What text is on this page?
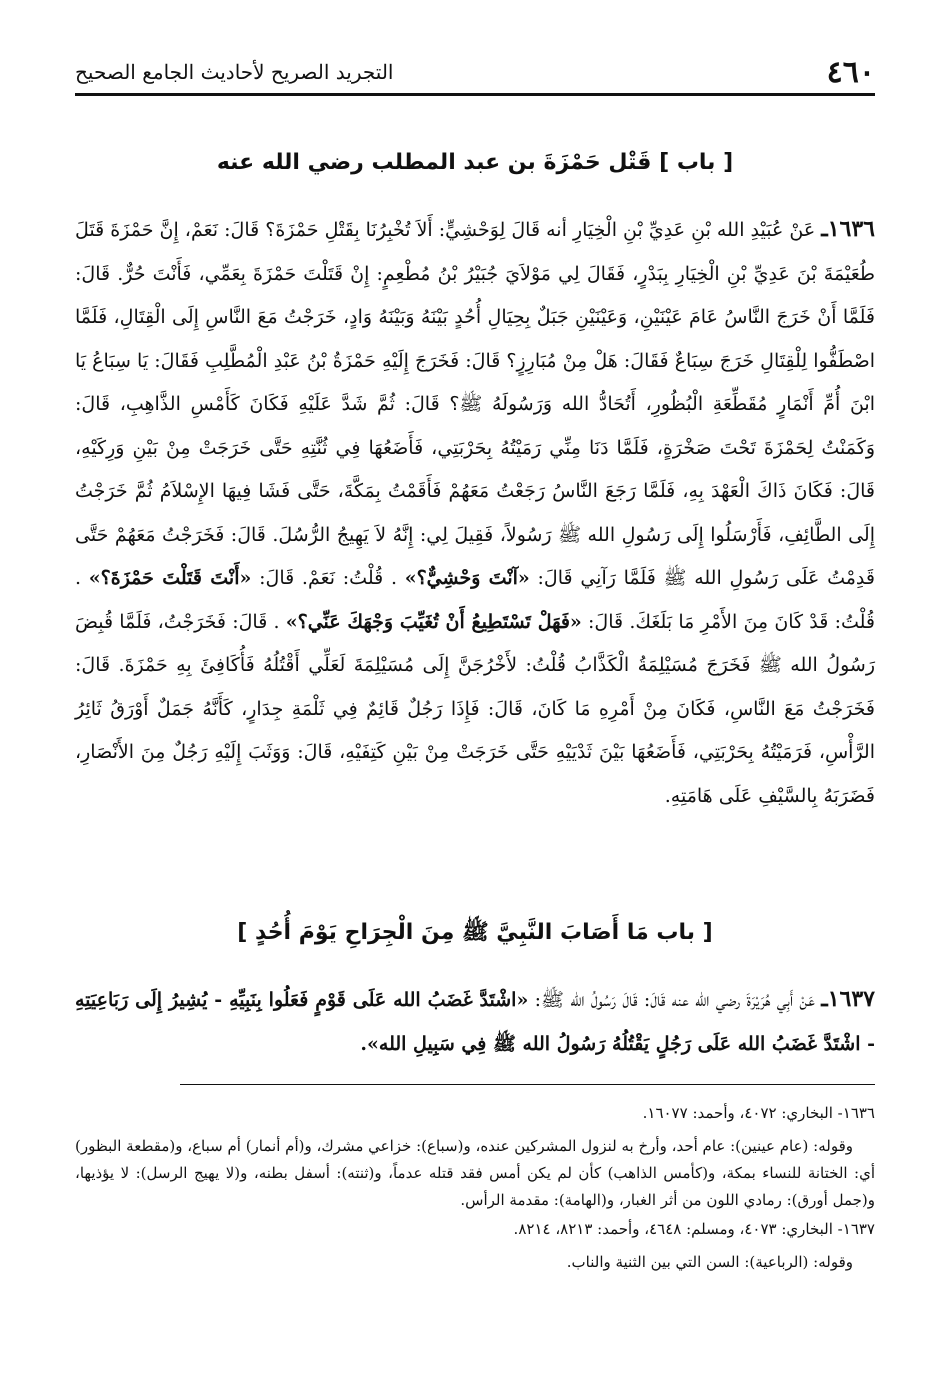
٤٦٠
التجريد الصريح لأحاديث الجامع الصحيح
[ باب ] قَتْل حَمْزَةَ بن عبد المطلب رضي الله عنه
١٦٣٦ـ عَنْ عُبَيْدِ الله بْنِ عَدِيِّ بْنِ الْخِيَارِ أنه قَالَ لِوَحْشِيٍّ: أَلاَ تُخْبِرُنَا بِقَتْلِ حَمْزَةَ؟ قَالَ: نَعَمْ، إِنَّ حَمْزَةَ قَتَلَ طُعَيْمَةَ بْنَ عَدِيِّ بْنِ الْخِيَارِ بِبَدْرٍ، فَقَالَ لِي مَوْلاَيَ جُبَيْرُ بْنُ مُطْعِمٍ: إِنْ قَتَلْتَ حَمْزَةَ بِعَمِّي، فَأَنْتَ حُرٌّ. قَالَ: فَلَمَّا أَنْ خَرَجَ النَّاسُ عَامَ عَيْنَيْنِ، وَعَيْنَيْنِ جَبَلٌ بِحِيَالِ أُحُدٍ بَيْنَهُ وَبَيْنَهُ وَادٍ، خَرَجْتُ مَعَ النَّاسِ إِلَى الْقِتَالِ، فَلَمَّا اصْطَفُّوا لِلْقِتَالِ خَرَجَ سِبَاعٌ فَقَالَ: هَلْ مِنْ مُبَارِزٍ؟ قَالَ: فَخَرَجَ إِلَيْهِ حَمْزَةُ بْنُ عَبْدِ الْمُطَّلِبِ فَقَالَ: يَا سِبَاعُ يَا ابْنَ أُمِّ أَنْمَارٍ مُقَطِّعَةِ الْبُظُورِ، أَتُحَادُّ الله وَرَسُولَهُ ﷺ؟ قَالَ: ثُمَّ شَدَّ عَلَيْهِ فَكَانَ كَأَمْسِ الذَّاهِبِ، قَالَ: وَكَمَنْتُ لِحَمْزَةَ تَحْتَ صَخْرَةٍ، فَلَمَّا دَنَا مِنِّي رَمَيْتُهُ بِحَرْبَتِي، فَأَضَعُهَا فِي ثُنَّتِهِ حَتَّى خَرَجَتْ مِنْ بَيْنِ وَرِكَيْهِ، قَالَ: فَكَانَ ذَاكَ الْعَهْدَ بِهِ، فَلَمَّا رَجَعَ النَّاسُ رَجَعْتُ مَعَهُمْ فَأَقَمْتُ بِمَكَّةَ، حَتَّى فَشَا فِيهَا الإِسْلاَمُ ثُمَّ خَرَجْتُ إِلَى الطَّائِفِ، فَأَرْسَلُوا إِلَى رَسُولِ الله ﷺ رَسُولاً، فَقِيلَ لِي: إِنَّهُ لاَ يَهِيجُ الرُّسُلَ. قَالَ: فَخَرَجْتُ مَعَهُمْ حَتَّى قَدِمْتُ عَلَى رَسُولِ الله ﷺ فَلَمَّا رَآنِي قَالَ: «آنْتَ وَحْشِيٌّ؟» . قُلْتُ: نَعَمْ. قَالَ: «أَنْتَ قَتَلْتَ حَمْزَةَ؟» . قُلْتُ: قَدْ كَانَ مِنَ الأَمْرِ مَا بَلَغَكَ. قَالَ: «فَهَلْ تَسْتَطِيعُ أَنْ تُغَيِّبَ وَجْهَكَ عَنِّي؟» . قَالَ: فَخَرَجْتُ، فَلَمَّا قُبِضَ رَسُولُ الله ﷺ فَخَرَجَ مُسَيْلِمَةُ الْكَذَّابُ قُلْتُ: لأَخْرُجَنَّ إِلَى مُسَيْلِمَةَ لَعَلِّي أَقْتُلُهُ فَأُكَافِئَ بِهِ حَمْزَةَ. قَالَ: فَخَرَجْتُ مَعَ النَّاسِ، فَكَانَ مِنْ أَمْرِهِ مَا كَانَ، قَالَ: فَإِذَا رَجُلٌ قَائِمٌ فِي ثَلْمَةِ جِدَارٍ، كَأَنَّهُ جَمَلٌ أَوْرَقُ ثَائِرُ الرَّأْسِ، فَرَمَيْتُهُ بِحَرْبَتِي، فَأَضَعُهَا بَيْنَ ثَدْيَيْهِ حَتَّى خَرَجَتْ مِنْ بَيْنِ كَتِفَيْهِ، قَالَ: وَوَثَبَ إِلَيْهِ رَجُلٌ مِنَ الأَنْصَارِ، فَضَرَبَهُ بِالسَّيْفِ عَلَى هَامَتِهِ.
[ باب مَا أَصَابَ النَّبِيَّ ﷺ مِنَ الْجِرَاحِ يَوْمَ أُحُدٍ ]
١٦٣٧ـ عَنْ أَبِي هُرَيْرَةَ رضي الله عنه قَالَ: قَالَ رَسُولُ الله ﷺ: «اشْتَدَّ غَضَبُ الله عَلَى قَوْمٍ فَعَلُوا بِنَبِيِّهِ - يُشِيرُ إِلَى رَبَاعِيَتِهِ - اشْتَدَّ غَضَبُ الله عَلَى رَجُلٍ يَقْتُلُهُ رَسُولُ الله ﷺ فِي سَبِيلِ الله».

١٦٣٦- البخاري: ٤٠٧٢، وأحمد: ١٦٠٧٧.

وقوله: (عام عينين): عام أحد، وأرخ به لنزول المشركين عنده، و(سباع): خزاعي مشرك، و(أم أنمار) أم سباع، و(مقطعة البظور) أي: الختانة للنساء بمكة، و(كأمس الذاهب) كأن لم يكن أمس فقد قتله عدماً، و(ثنته): أسفل بطنه، و(لا يهيج الرسل): لا يؤذيها، و(جمل أورق): رمادي اللون من أثر الغبار، و(الهامة): مقدمة الرأس.

١٦٣٧- البخاري: ٤٠٧٣، ومسلم: ٤٦٤٨، وأحمد: ٨٢١٣، ٨٢١٤.

وقوله: (الرباعية): السن التي بين الثنية والناب.
